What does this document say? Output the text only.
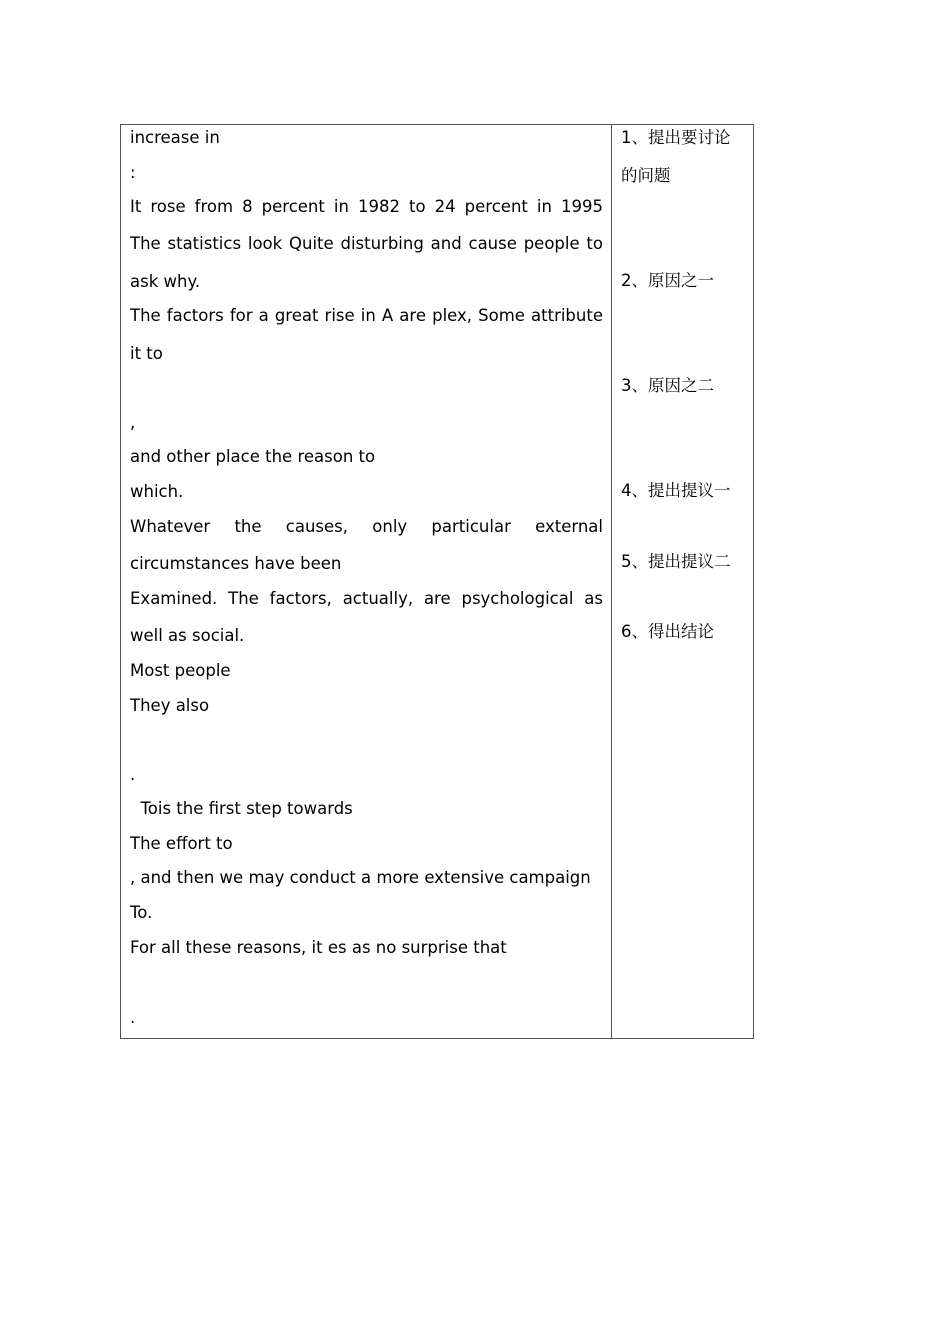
increase in
:
It rose from 8 percent in 1982 to 24 percent in 1995
The statistics look Quite disturbing and cause people to
ask why.
The factors for a great rise in A are plex, Some attribute
it to
,
and other place the reason to
which.
Whatever the causes, only particular external
circumstances have been
Examined. The factors, actually, are psychological as
well as social.
Most people
They also
.
Tois the first step towards
The effort to
, and then we may conduct a more extensive campaign
To.
For all these reasons, it es as no surprise that
.
1、提出要讨论
的问题
2、原因之一
3、原因之二
4、提出提议一
5、提出提议二
6、得出结论
